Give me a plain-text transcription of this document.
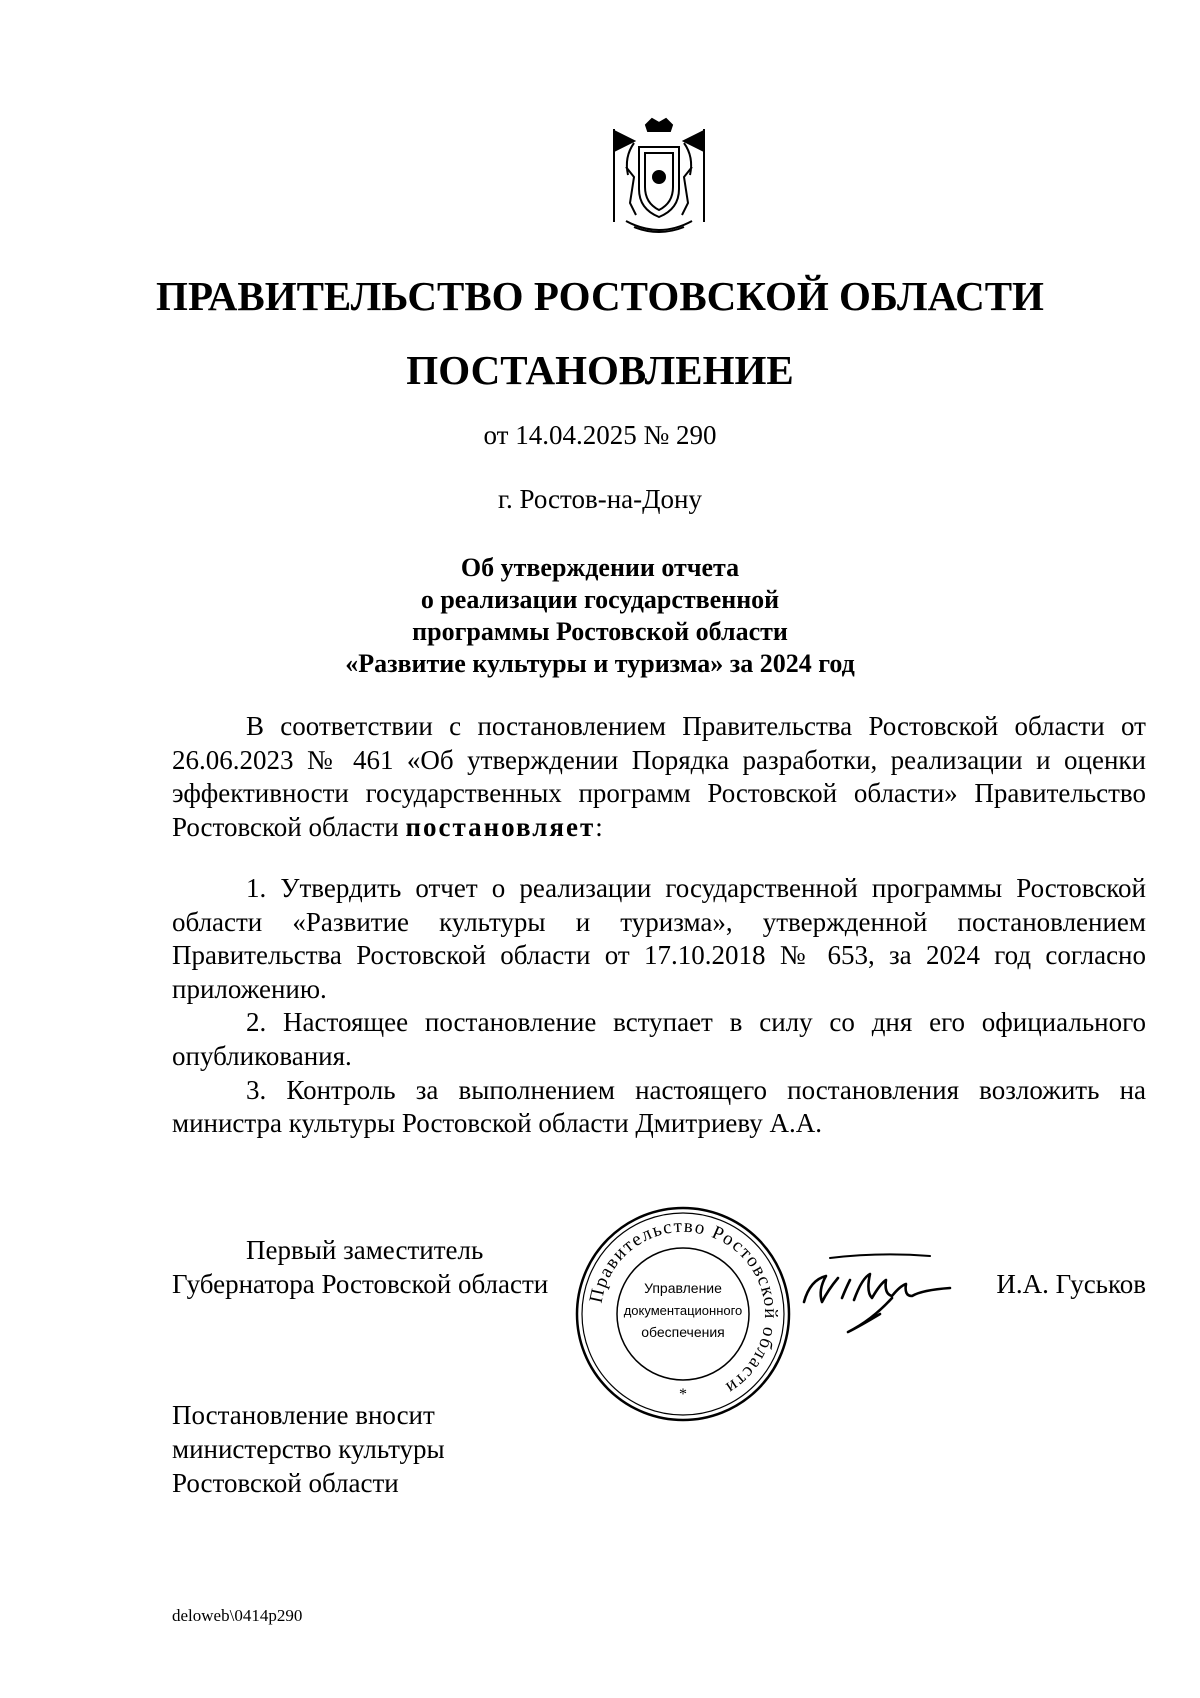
ПРАВИТЕЛЬСТВО РОСТОВСКОЙ ОБЛАСТИ
ПОСТАНОВЛЕНИЕ
от 14.04.2025 № 290
г. Ростов-на-Дону
Об утверждении отчета
о реализации государственной
программы Ростовской области
«Развитие культуры и туризма» за 2024 год

В соответствии с постановлением Правительства Ростовской области от 26.06.2023 № 461 «Об утверждении Порядка разработки, реализации и оценки эффективности государственных программ Ростовской области» Правительство Ростовской области постановляет:

1. Утвердить отчет о реализации государственной программы Ростовской области «Развитие культуры и туризма», утвержденной постановлением Правительства Ростовской области от 17.10.2018 № 653, за 2024 год согласно приложению.

2. Настоящее постановление вступает в силу со дня его официального опубликования.

3. Контроль за выполнением настоящего постановления возложить на министра культуры Ростовской области Дмитриеву А.А.

Первый заместитель
Губернатора Ростовской области Правительство Ростовской области
Управление
документационного
обеспечения
*
И.А. Гуськов
Постановление вносит
министерство культуры
Ростовской области
deloweb\0414p290
